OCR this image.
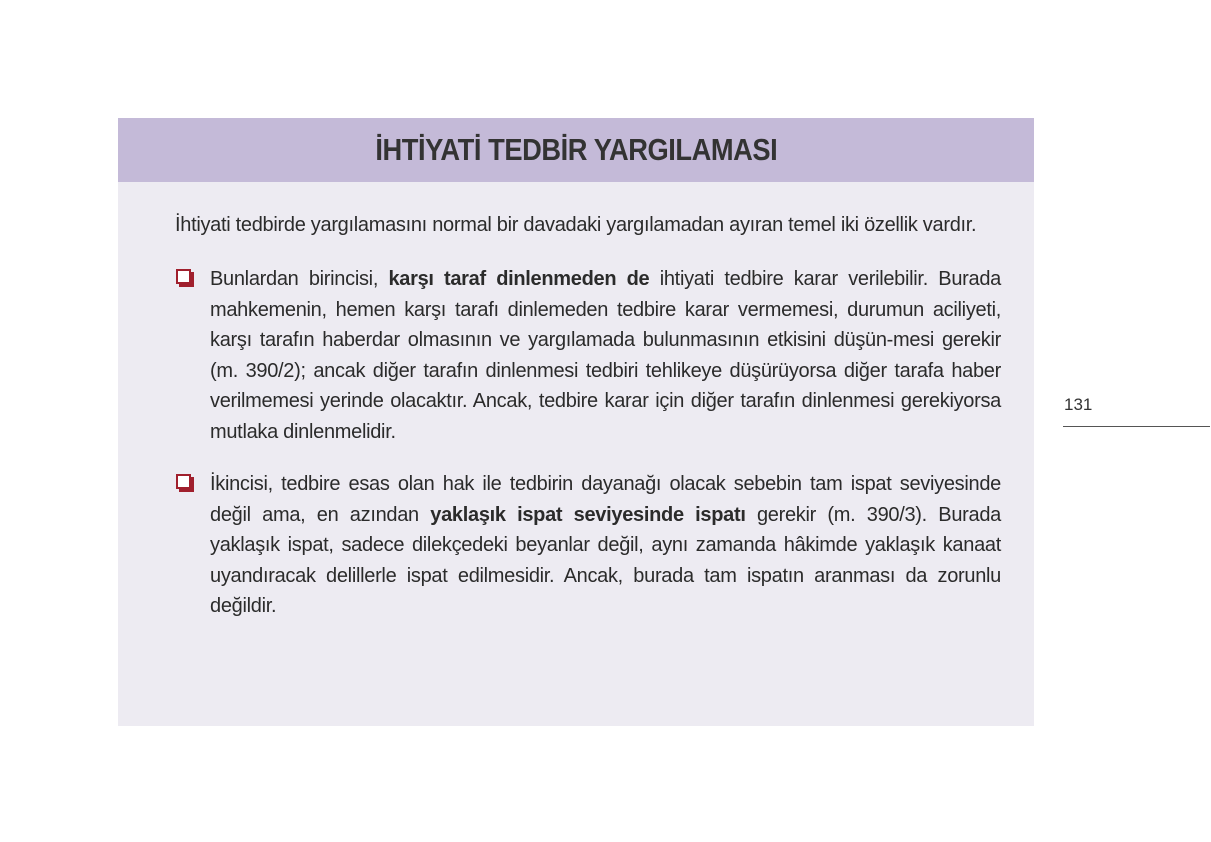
İHTİYATİ TEDBİR YARGILAMASI

İhtiyati tedbirde yargılamasını normal bir davadaki yargılamadan ayıran temel iki özellik vardır.

Bunlardan birincisi, karşı taraf dinlenmeden de ihtiyati tedbire karar verilebilir. Burada mahkemenin, hemen karşı tarafı dinlemeden tedbire karar vermemesi, durumun aciliyeti, karşı tarafın haberdar olmasının ve yargılamada bulunmasının etkisini düşün-mesi gerekir (m. 390/2); ancak diğer tarafın dinlenmesi tedbiri tehlikeye düşürüyorsa diğer tarafa haber verilmemesi yerinde olacaktır. Ancak, tedbire karar için diğer tarafın dinlenmesi gerekiyorsa mutlaka dinlenmelidir.
İkincisi, tedbire esas olan hak ile tedbirin dayanağı olacak sebebin tam ispat seviyesinde değil ama, en azından yaklaşık ispat seviyesinde ispatı gerekir (m. 390/3). Burada yaklaşık ispat, sadece dilekçedeki beyanlar değil, aynı zamanda hâkimde yaklaşık kanaat uyandıracak delillerle ispat edilmesidir. Ancak, burada tam ispatın aranması da zorunlu değildir.
131
